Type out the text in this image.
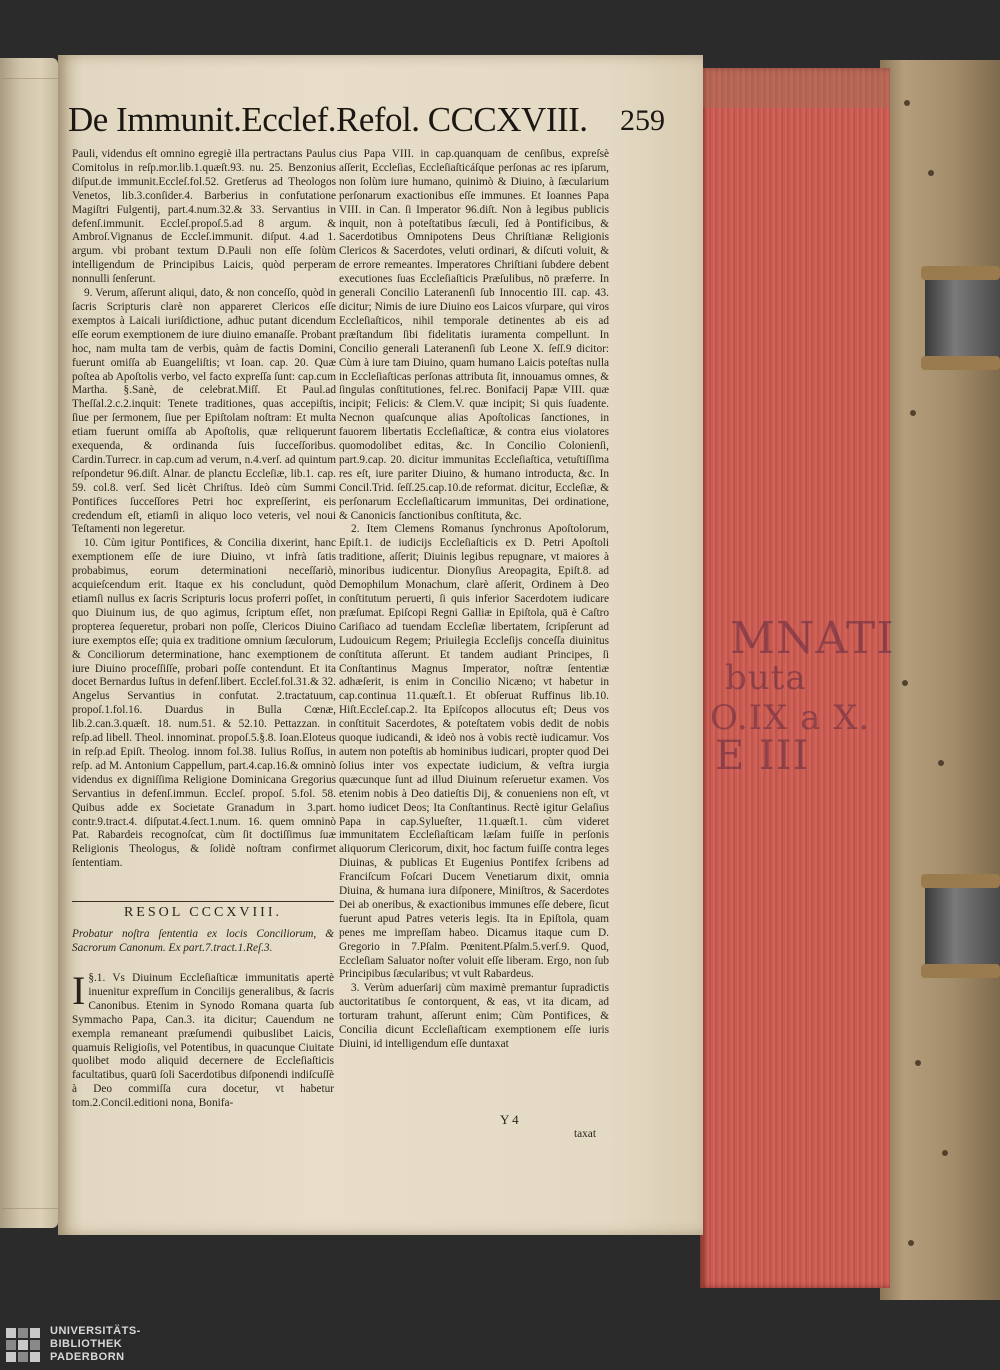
MNATI
buta
O.IX a X.
E III
De Immunit.Ecclef.Refol. CCCXVIII. 259

Pauli, videndus eſt omnino egregiè illa pertractans Paulus Comitolus in reſp.mor.lib.1.quæſt.93. nu. 25. Benzonius diſput.de immunit.Eccleſ.fol.52. Gretſerus ad Theologos Venetos, lib.3.conſider.4. Barberius in confutatione Magiſtri Fulgentij, part.4.num.32.& 33. Servantius in defenſ.immunit. Eccleſ.propoſ.5.ad 8 argum. & Ambroſ.Vignanus de Eccleſ.immunit. diſput. 4.ad 1. argum. vbi probant textum D.Pauli non eſſe ſolùm intelligendum de Principibus Laicis, quòd perperam nonnulli ſenſerunt.

9. Verum, aſſerunt aliqui, dato, & non conceſſo, quòd in ſacris Scripturis clarè non appareret Clericos eſſe exemptos à Laicali iuriſdictione, adhuc putant dicendum eſſe eorum exemptionem de iure diuino emanaſſe. Probant hoc, nam multa tam de verbis, quàm de factis Domini, fuerunt omiſſa ab Euangeliſtis; vt Ioan. cap. 20. Quæ poſtea ab Apoſtolis verbo, vel facto expreſſa ſunt: cap.cum Martha. §.Sanè, de celebrat.Miſſ. Et Paul.ad Theſſal.2.c.2.inquit: Tenete traditiones, quas accepiſtis, ſiue per ſermonem, ſiue per Epiſtolam noſtram: Et multa etiam fuerunt omiſſa ab Apoſtolis, quæ reliquerunt exequenda, & ordinanda ſuis ſucceſſoribus. Cardin.Turrecr. in cap.cum ad verum, n.4.verſ. ad quintum reſpondetur 96.diſt. Alnar. de planctu Eccleſiæ, lib.1. cap. 59. col.8. verſ. Sed licèt Chriſtus. Ideò cùm Summi Pontifices ſucceſſores Petri hoc expreſſerint, eis credendum eſt, etiamſi in aliquo loco veteris, vel noui Teſtamenti non legeretur.

10. Cùm igitur Pontifices, & Concilia dixerint, hanc exemptionem eſſe de iure Diuino, vt infrà ſatis probabimus, eorum determinationi neceſſariò, acquieſcendum erit. Itaque ex his concludunt, quòd etiamſi nullus ex ſacris Scripturis locus proferri poſſet, in quo Diuinum ius, de quo agimus, ſcriptum eſſet, non propterea ſequeretur, probari non poſſe, Clericos Diuino iure exemptos eſſe; quia ex traditione omnium ſæculorum, & Conciliorum determinatione, hanc exemptionem de iure Diuino proceſſiſſe, probari poſſe contendunt. Et ita docet Bernardus Iuſtus in defenſ.libert. Eccleſ.fol.31.& 32. Angelus Servantius in confutat. 2.tractatuum, propoſ.1.fol.16. Duardus in Bulla Cœnæ, lib.2.can.3.quæſt. 18. num.51. & 52.10. Pettazzan. in reſp.ad libell. Theol. innominat. propoſ.5.§.8. Ioan.Eloteus in reſp.ad Epiſt. Theolog. innom fol.38. Iulius Roſſus, in reſp. ad M. Antonium Cappellum, part.4.cap.16.& omninò videndus ex digniſſima Religione Dominicana Gregorius Servantius in defenſ.immun. Eccleſ. propoſ. 5.fol. 58. Quibus adde ex Societate Granadum in 3.part. contr.9.tract.4. diſputat.4.ſect.1.num. 16. quem omninò Pat. Rabardeis recognoſcat, cùm ſit doctiſſimus ſuæ Religionis Theologus, & ſolidè noſtram confirmet ſententiam.

RESOL CCCXVIII.
Probatur noſtra ſententia ex locis Conciliorum, & Sacrorum Canonum. Ex part.7.tract.1.Reſ.3.
I §.1. Vs Diuinum Eccleſiaſticæ immunitatis apertè inuenitur expreſſum in Concilijs generalibus, & ſacris Canonibus. Etenim in Synodo Romana quarta ſub Symmacho Papa, Can.3. ita dicitur; Cauendum ne exempla remaneant præſumendi quibuslibet Laicis, quamuis Religioſis, vel Potentibus, in quacunque Ciuitate quolibet modo aliquid decernere de Eccleſiaſticis facultatibus, quarū ſoli Sacerdotibus diſponendi indiſcuſſè à Deo commiſſa cura docetur, vt habetur tom.2.Concil.editioni nona, Bonifa-

cius Papa VIII. in cap.quanquam de cenſibus, expreſsè aſſerit, Eccleſias, Eccleſiaſticáſque perſonas ac res ipſarum, non ſolùm iure humano, quinimò & Diuino, à ſæcularium perſonarum exactionibus eſſe immunes. Et Ioannes Papa VIII. in Can. ſi Imperator 96.diſt. Non à legibus publicis inquit, non à poteſtatibus ſæculi, ſed à Pontificibus, & Sacerdotibus Omnipotens Deus Chriſtianæ Religionis Clericos & Sacerdotes, veluti ordinari, & diſcuti voluit, & de errore remeantes. Imperatores Chriſtiani ſubdere debent executiones ſuas Eccleſiaſticis Præſulibus, nō præferre. In generali Concilio Lateranenſi ſub Innocentio III. cap. 43. dicitur; Nimis de iure Diuino eos Laicos vſurpare, qui viros Eccleſiaſticos, nihil temporale detinentes ab eis ad præſtandum ſibi fidelitatis iuramenta compellunt. In Concilio generali Lateranenſi ſub Leone X. ſeſſ.9 dicitor: Cùm à iure tam Diuino, quam humano Laicis poteſtas nulla in Eccleſiaſticas perſonas attributa ſit, innouamus omnes, & ſingulas conſtitutiones, fel.rec. Bonifacij Papæ VIII. quæ incipit; Felicis: & Clem.V. quæ incipit; Si quis ſuadente. Necnon quaſcunque alias Apoſtolicas ſanctiones, in fauorem libertatis Eccleſiaſticæ, & contra eius violatores quomodolibet editas, &c. In Concilio Colonienſi, part.9.cap. 20. dicitur immunitas Eccleſiaſtica, vetuſtiſſima res eſt, iure pariter Diuino, & humano introducta, &c. In Concil.Trid. ſeſſ.25.cap.10.de reformat. dicitur, Eccleſiæ, & perſonarum Eccleſiaſticarum immunitas, Dei ordinatione, & Canonicis ſanctionibus conſtituta, &c.

2. Item Clemens Romanus ſynchronus Apoſtolorum, Epiſt.1. de iudicijs Eccleſiaſticis ex D. Petri Apoſtoli traditione, aſſerit; Diuinis legibus repugnare, vt maiores à minoribus iudicentur. Dionyſius Areopagita, Epiſt.8. ad Demophilum Monachum, clarè aſſerit, Ordinem à Deo conſtitutum peruerti, ſi quis inferior Sacerdotem iudicare præſumat. Epiſcopi Regni Galliæ in Epiſtola, quā è Caſtro Cariſiaco ad tuendam Eccleſiæ libertatem, ſcripſerunt ad Ludouicum Regem; Priuilegia Eccleſijs conceſſa diuinitus conſtituta aſſerunt. Et tandem audiant Principes, ſi Conſtantinus Magnus Imperator, noſtræ ſententiæ adhæſerit, is enim in Concilio Nicæno; vt habetur in cap.continua 11.quæſt.1. Et obſeruat Ruffinus lib.10. Hiſt.Eccleſ.cap.2. Ita Epiſcopos allocutus eſt; Deus vos conſtituit Sacerdotes, & poteſtatem vobis dedit de nobis quoque iudicandi, & ideò nos à vobis rectè iudicamur. Vos autem non poteſtis ab hominibus iudicari, propter quod Dei ſolius inter vos expectate iudicium, & veſtra iurgia quæcunque ſunt ad illud Diuinum reſeruetur examen. Vos etenim nobis à Deo datieſtis Dij, & conueniens non eſt, vt homo iudicet Deos; Ita Conſtantinus. Rectè igitur Gelaſius Papa in cap.Sylueſter, 11.quæſt.1. cùm videret immunitatem Eccleſiaſticam læſam fuiſſe in perſonis aliquorum Clericorum, dixit, hoc factum fuiſſe contra leges Diuinas, & publicas Et Eugenius Pontifex ſcribens ad Franciſcum Foſcari Ducem Venetiarum dixit, omnia Diuina, & humana iura diſponere, Miniſtros, & Sacerdotes Dei ab oneribus, & exactionibus immunes eſſe debere, ſicut fuerunt apud Patres veteris legis. Ita in Epiſtola, quam penes me impreſſam habeo. Dicamus itaque cum D. Gregorio in 7.Pſalm. Pœnitent.Pſalm.5.verſ.9. Quod, Eccleſiam Saluator noſter voluit eſſe liberam. Ergo, non ſub Principibus ſæcularibus; vt vult Rabardeus.

3. Verùm aduerſarij cùm maximè premantur ſupradictis auctoritatibus ſe contorquent, & eas, vt ita dicam, ad torturam trahunt, aſſerunt enim; Cùm Pontifices, & Concilia dicunt Eccleſiaſticam exemptionem eſſe iuris Diuini, id intelligendum eſſe duntaxat

Y 4
taxat
UNIVERSITÄTS-
BIBLIOTHEK
PADERBORN
